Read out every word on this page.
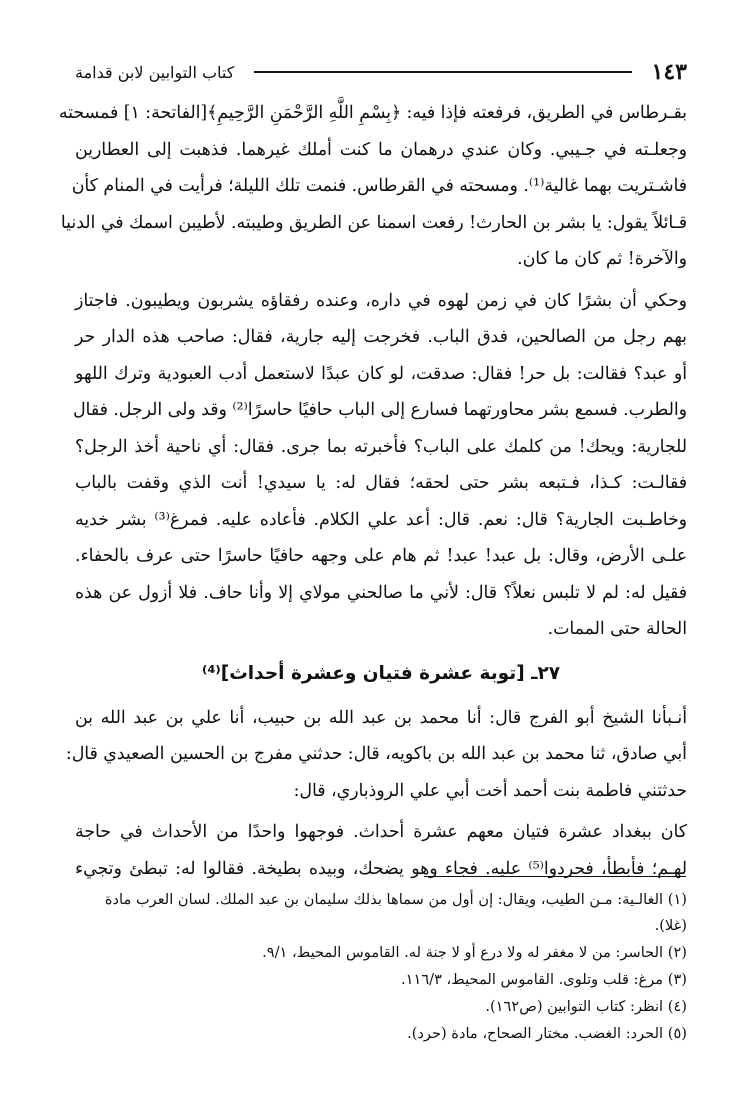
١٤٣
كتاب التوابين لابن قدامة

بقـرطاس في الطريق، فرفعته فإذا فيه: ﴿بِسْمِ اللَّهِ الرَّحْمَنِ الرَّحِيمِ﴾[الفاتحة: ١] فمسحته
وجعلـته في جـيبي. وكان عندي درهمان ما كنت أملك غيرهما. فذهبت إلى العطارين
فاشـتريت بهما غالية⁽¹⁾. ومسحته في القرطاس. فنمت تلك الليلة؛ فرأيت في المنام كأن
قـائلاً يقول: يا بشر بن الحارث! رفعت اسمنا عن الطريق وطيبته. لأطيبن اسمك في الدنيا
والآخرة! ثم كان ما كان.

وحكي أن بشرًا كان في زمن لهوه في داره، وعنده رفقاؤه يشربون ويطيبون. فاجتاز
بهم رجل من الصالحين، فدق الباب. فخرجت إليه جارية، فقال: صاحب هذه الدار حر
أو عبد؟ فقالت: بل حر! فقال: صدقت، لو كان عبدًا لاستعمل أدب العبودية وترك اللهو
والطرب. فسمع بشر محاورتهما فسارع إلى الباب حافيًا حاسرًا⁽²⁾ وقد ولى الرجل. فقال
للجارية: ويحك! من كلمك على الباب؟ فأخبرته بما جرى. فقال: أي ناحية أخذ الرجل؟
فقالـت: كـذا، فـتبعه بشر حتى لحقه؛ فقال له: يا سيدي! أنت الذي وقفت بالباب
وخاطـبت الجارية؟ قال: نعم. قال: أعد علي الكلام. فأعاده عليه. فمرغ⁽³⁾ بشر خديه
علـى الأرض، وقال: بل عبد! عبد! ثم هام على وجهه حافيًا حاسرًا حتى عرف بالحفاء.
فقيل له: لم لا تلبس نعلاً؟ قال: لأني ما صالحني مولاي إلا وأنا حاف. فلا أزول عن هذه
الحالة حتى الممات.

٢٧ـ [توبة عشرة فتيان وعشرة أحداث]⁽⁴⁾

أنـبأنا الشيخ أبو الفرج قال: أنا محمد بن عبد الله بن حبيب، أنا علي بن عبد الله بن
أبي صادق، ثنا محمد بن عبد الله بن باكويه، قال: حدثني مفرج بن الحسين الصعيدي قال:
حدثتني فاطمة بنت أحمد أخت أبي علي الروذباري، قال:

كان ببغداد عشرة فتيان معهم عشرة أحداث. فوجهوا واحدًا من الأحداث في حاجة
لهـم؛ فأبطأ، فحردوا⁽⁵⁾ عليه. فجاء وهو يضحك، وبيده بطيخة. فقالوا له: تبطئ وتجيء

(١) الغالـية: مـن الطيب، ويقال: إن أول من سماها بذلك سليمان بن عبد الملك. لسان العرب مادة
(غلا).

(٢) الحاسر: من لا مغفر له ولا درع أو لا جنة له. القاموس المحيط، ٩/١.

(٣) مرغ: قلب وتلوى. القاموس المحيط، ١١٦/٣.

(٤) انظر: كتاب التوابين (ص١٦٢).

(٥) الحرد: الغضب. مختار الصحاح، مادة (حرد).
